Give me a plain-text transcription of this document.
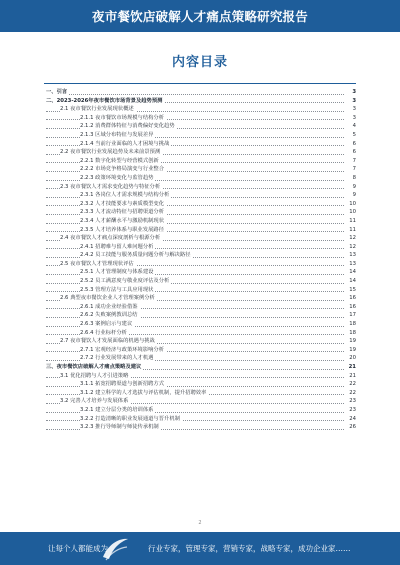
夜市餐饮店破解人才痛点策略研究报告
内容目录
一、引言	3
二、2023-2026年夜市餐饮市场背景及趋势预测	3
2.1 夜市餐饮行业发展现状概述	3
2.1.1 夜市餐饮市场规模与结构分析	3
2.1.2 消费群体特征与消费偏好变化趋势	4
2.1.3 区域分布特征与发展差异	5
2.1.4 当前行业面临的人才困境与挑战	6
2.2 夜市餐饮行业发展趋势及未来前景预测	6
2.2.1 数字化转型与经营模式创新	7
2.2.2 市场竞争格局演变与行业整合	7
2.2.3 政策环境变化与监管趋势	8
2.3 夜市餐饮人才需求变化趋势与特征分析	9
2.3.1 各岗位人才需求规模与结构分析	9
2.3.2 人才技能要求与素质模型变化	10
2.3.3 人才流动特征与招聘渠道分析	10
2.3.4 人才薪酬水平与激励机制现状	11
2.3.5 人才培养体系与职业发展路径	11
2.4 夜市餐饮人才痛点深度剖析与根源分析	12
2.4.1 招聘难与留人难问题分析	12
2.4.2 员工技能与服务质量问题分析与解决路径	13
2.5 夜市餐饮人才管理现状评估	13
2.5.1 人才管理制度与体系建设	14
2.5.2 员工满意度与敬业度评估及分析	14
2.5.3 管理方法与工具应用现状	15
2.6 典型夜市餐饮企业人才管理案例分析	16
2.6.1 成功企业经验借鉴	16
2.6.2 失败案例教训总结	17
2.6.3 案例启示与建议	18
2.6.4 行业标杆分析	18
2.7 夜市餐饮人才发展面临的机遇与挑战	19
2.7.1 宏观经济与政策环境影响分析	19
2.7.2 行业发展带来的人才机遇	20
三、夜市餐饮店破解人才痛点策略及建议	21
3.1 优化招聘与人才引进策略	21
3.1.1 拓宽招聘渠道与创新招聘方式	22
3.1.2 建立科学的人才选拔与评估机制，提升招聘效率	22
3.2 完善人才培养与发展体系	23
3.2.1 建立分层分类的培训体系	23
3.2.2 打造清晰的职业发展通道与晋升机制	24
3.2.3 推行导师制与师徒传承机制	26
2
让每个人都能成为	行业专家，管理专家，营销专家，战略专家，成功企业家……
